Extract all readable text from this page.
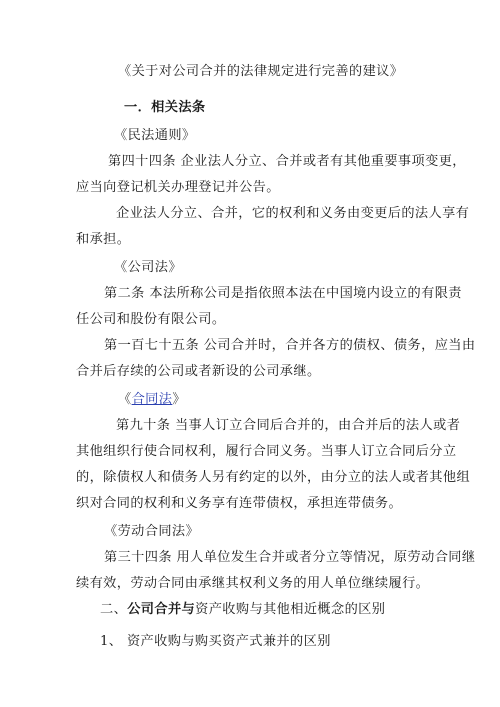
《关于对公司合并的法律规定进行完善的建议》
一．相关法条
《民法通则》
第四十四条 企业法人分立、合并或者有其他重要事项变更，
应当向登记机关办理登记并公告。
企业法人分立、合并，它的权利和义务由变更后的法人享有
和承担。
《公司法》
第二条 本法所称公司是指依照本法在中国境内设立的有限责
任公司和股份有限公司。
第一百七十五条 公司合并时，合并各方的债权、债务，应当由
合并后存续的公司或者新设的公司承继。
《合同法》
第九十条 当事人订立合同后合并的，由合并后的法人或者
其他组织行使合同权利，履行合同义务。当事人订立合同后分立
的，除债权人和债务人另有约定的以外，由分立的法人或者其他组
织对合同的权利和义务享有连带债权，承担连带债务。
《劳动合同法》
第三十四条 用人单位发生合并或者分立等情况，原劳动合同继
续有效，劳动合同由承继其权利义务的用人单位继续履行。
二、公司合并与资产收购与其他相近概念的区别
1、 资产收购与购买资产式兼并的区别
